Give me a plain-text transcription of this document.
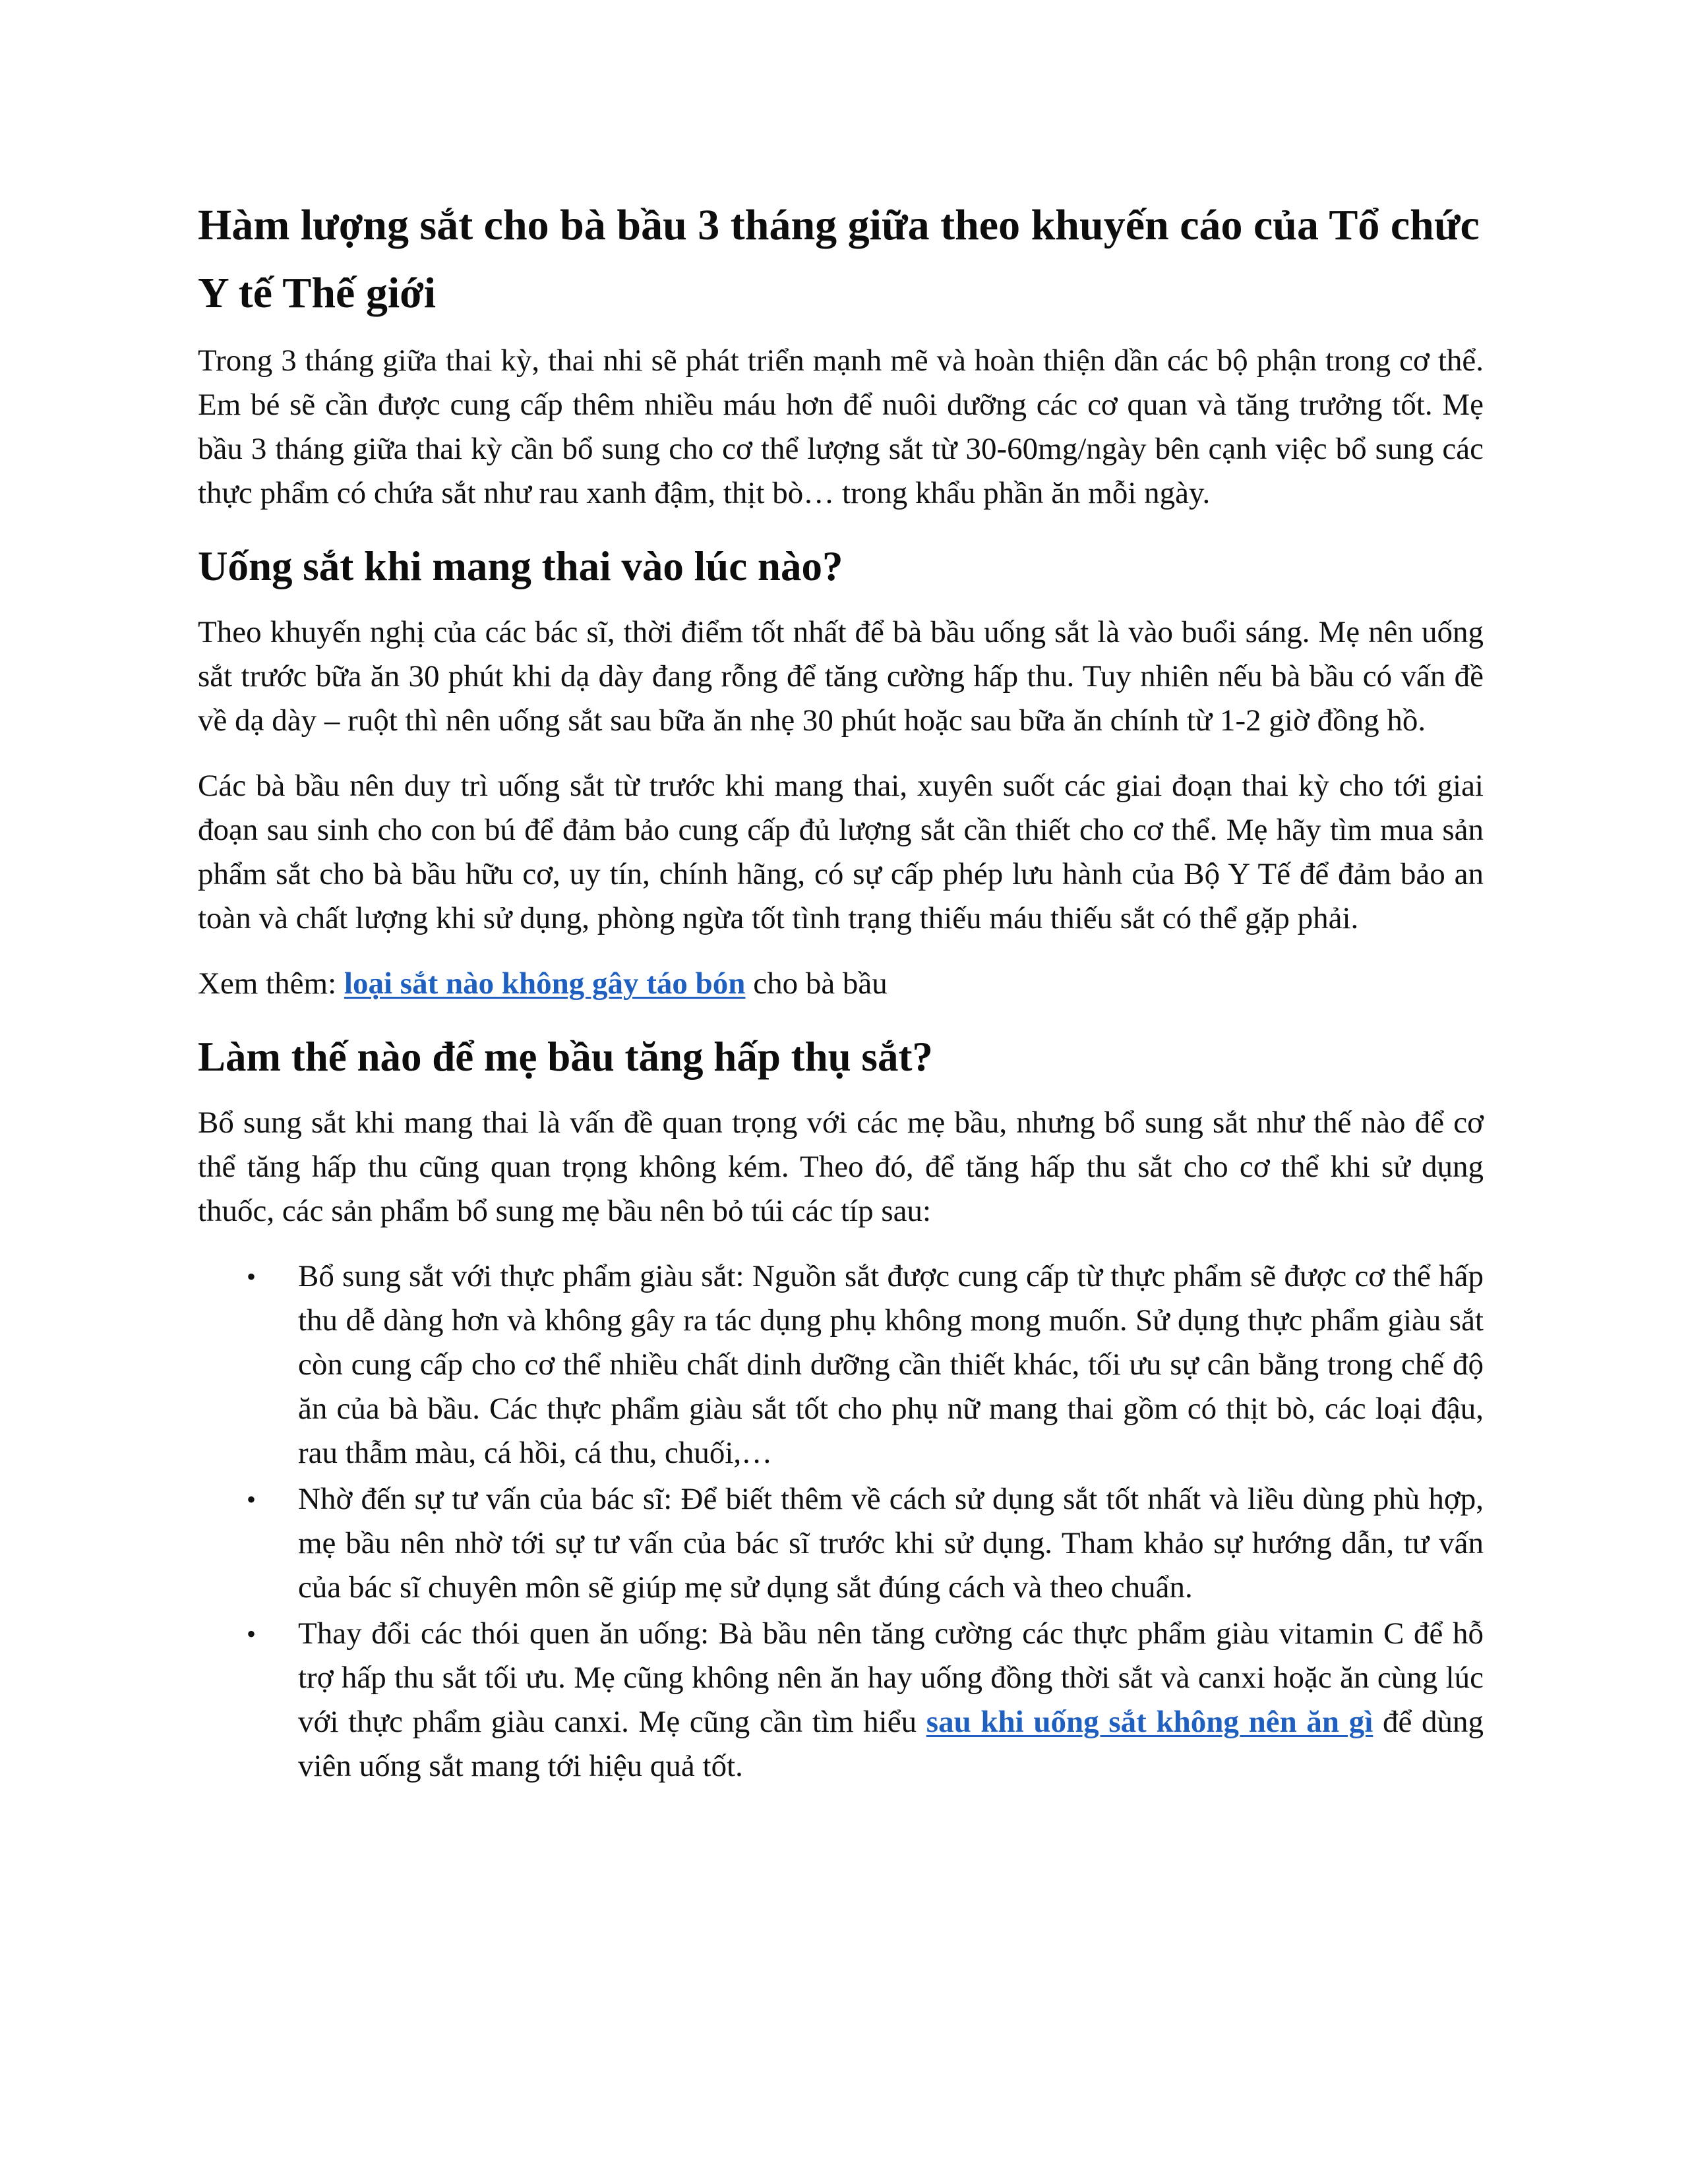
Hàm lượng sắt cho bà bầu 3 tháng giữa theo khuyến cáo của Tổ chức Y tế Thế giới

Trong 3 tháng giữa thai kỳ, thai nhi sẽ phát triển mạnh mẽ và hoàn thiện dần các bộ phận trong cơ thể. Em bé sẽ cần được cung cấp thêm nhiều máu hơn để nuôi dưỡng các cơ quan và tăng trưởng tốt. Mẹ bầu 3 tháng giữa thai kỳ cần bổ sung cho cơ thể lượng sắt từ 30-60mg/ngày bên cạnh việc bổ sung các thực phẩm có chứa sắt như rau xanh đậm, thịt bò… trong khẩu phần ăn mỗi ngày.

Uống sắt khi mang thai vào lúc nào?

Theo khuyến nghị của các bác sĩ, thời điểm tốt nhất để bà bầu uống sắt là vào buổi sáng. Mẹ nên uống sắt trước bữa ăn 30 phút khi dạ dày đang rỗng để tăng cường hấp thu. Tuy nhiên nếu bà bầu có vấn đề về dạ dày – ruột thì nên uống sắt sau bữa ăn nhẹ 30 phút hoặc sau bữa ăn chính từ 1-2 giờ đồng hồ.

Các bà bầu nên duy trì uống sắt từ trước khi mang thai, xuyên suốt các giai đoạn thai kỳ cho tới giai đoạn sau sinh cho con bú để đảm bảo cung cấp đủ lượng sắt cần thiết cho cơ thể. Mẹ hãy tìm mua sản phẩm sắt cho bà bầu hữu cơ, uy tín, chính hãng, có sự cấp phép lưu hành của Bộ Y Tế để đảm bảo an toàn và chất lượng khi sử dụng, phòng ngừa tốt tình trạng thiếu máu thiếu sắt có thể gặp phải.

Xem thêm: loại sắt nào không gây táo bón cho bà bầu

Làm thế nào để mẹ bầu tăng hấp thụ sắt?

Bổ sung sắt khi mang thai là vấn đề quan trọng với các mẹ bầu, nhưng bổ sung sắt như thế nào để cơ thể tăng hấp thu cũng quan trọng không kém. Theo đó, để tăng hấp thu sắt cho cơ thể khi sử dụng thuốc, các sản phẩm bổ sung mẹ bầu nên bỏ túi các típ sau:

• Bổ sung sắt với thực phẩm giàu sắt: Nguồn sắt được cung cấp từ thực phẩm sẽ được cơ thể hấp thu dễ dàng hơn và không gây ra tác dụng phụ không mong muốn. Sử dụng thực phẩm giàu sắt còn cung cấp cho cơ thể nhiều chất dinh dưỡng cần thiết khác, tối ưu sự cân bằng trong chế độ ăn của bà bầu. Các thực phẩm giàu sắt tốt cho phụ nữ mang thai gồm có thịt bò, các loại đậu, rau thẫm màu, cá hồi, cá thu, chuối,…
• Nhờ đến sự tư vấn của bác sĩ: Để biết thêm về cách sử dụng sắt tốt nhất và liều dùng phù hợp, mẹ bầu nên nhờ tới sự tư vấn của bác sĩ trước khi sử dụng. Tham khảo sự hướng dẫn, tư vấn của bác sĩ chuyên môn sẽ giúp mẹ sử dụng sắt đúng cách và theo chuẩn.
• Thay đổi các thói quen ăn uống: Bà bầu nên tăng cường các thực phẩm giàu vitamin C để hỗ trợ hấp thu sắt tối ưu. Mẹ cũng không nên ăn hay uống đồng thời sắt và canxi hoặc ăn cùng lúc với thực phẩm giàu canxi. Mẹ cũng cần tìm hiểu sau khi uống sắt không nên ăn gì để dùng viên uống sắt mang tới hiệu quả tốt.
